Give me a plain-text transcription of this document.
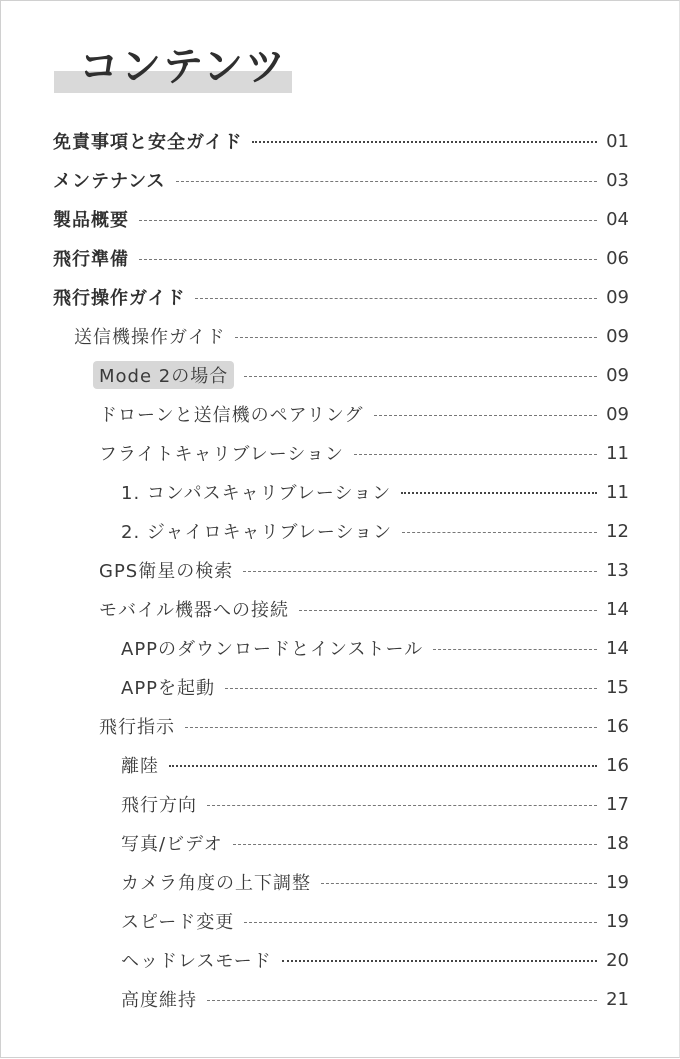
コンテンツ
免責事項と安全ガイド	01
メンテナンス	03
製品概要	04
飛行準備	06
飛行操作ガイド	09
送信機操作ガイド	09
Mode 2の場合	09
ドローンと送信機のペアリング	09
フライトキャリブレーション	11
1. コンパスキャリブレーション	11
2. ジャイロキャリブレーション	12
GPS衛星の検索	13
モバイル機器への接続	14
APPのダウンロードとインストール	14
APPを起動	15
飛行指示	16
離陸	16
飛行方向	17
写真/ビデオ	18
カメラ角度の上下調整	19
スピード変更	19
ヘッドレスモード	20
高度維持	21
